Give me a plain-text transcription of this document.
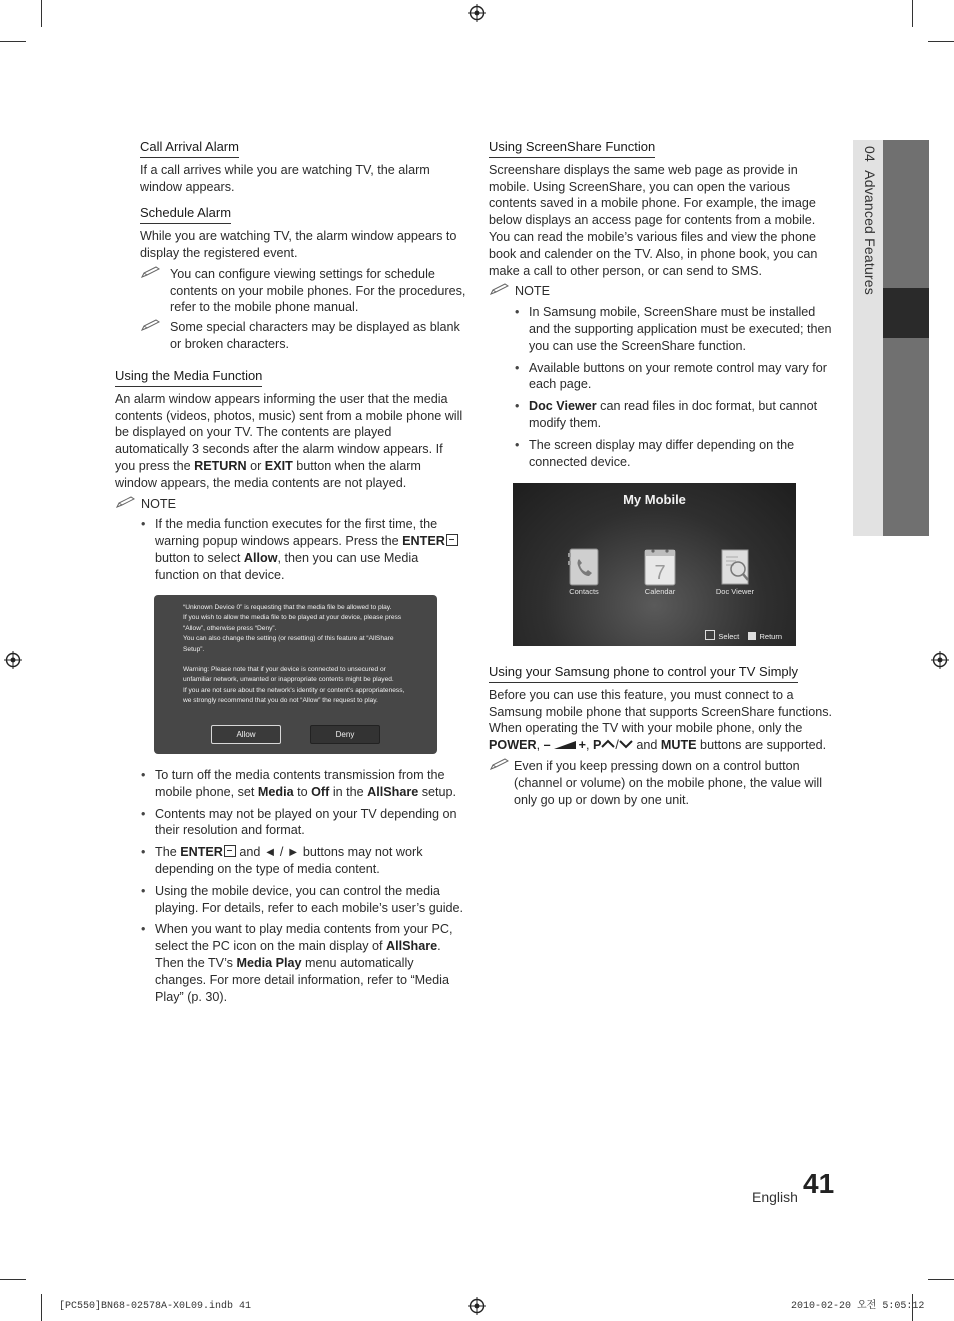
04  Advanced Features
Call Arrival Alarm

If a call arrives while you are watching TV, the alarm window appears.

Schedule Alarm

While you are watching TV, the alarm window appears to display the registered event.

You can configure viewing settings for schedule contents on your mobile phones. For the procedures, refer to the mobile phone manual.
Some special characters may be displayed as blank or broken characters.
Using the Media Function

An alarm window appears informing the user that the media contents (videos, photos, music) sent from a mobile phone will be displayed on your TV. The contents are played automatically 3 seconds after the alarm window appears. If you press the RETURN or EXIT button when the alarm window appears, the media contents are not played.

NOTE
• If the media function executes for the first time, the warning popup windows appears. Press the ENTER button to select Allow, then you can use Media function on that device.
“Unknown Device 0” is requesting that the media file be allowed to play.
If you wish to allow the media file to be played at your device, please press
“Allow”, otherwise press “Deny”.
You can also change the setting (or resetting) of this feature at “AllShare
Setup”.
Warning: Please note that if your device is connected to unsecured or
unfamiliar network, unwanted or inappropriate contents might be played.
If you are not sure about the network's identity or content's appropriateness,
we strongly recommend that you do not “Allow” the request to play.
Allow	Deny
• To turn off the media contents transmission from the mobile phone, set Media to Off in the AllShare setup.
• Contents may not be played on your TV depending on their resolution and format.
• The ENTER and ◄ / ► buttons may not work depending on the type of media content.
• Using the mobile device, you can control the media playing. For details, refer to each mobile’s user’s guide.
• When you want to play media contents from your PC, select the PC icon on the main display of AllShare. Then the TV’s Media Play menu automatically changes. For more detail information, refer to “Media Play” (p. 30).
Using ScreenShare Function

Screenshare displays the same web page as provide in mobile. Using ScreenShare, you can open the various contents saved in a mobile phone. For example, the image below displays an access page for contents from a mobile. You can read the mobile’s various files and view the phone book and calender on the TV. Also, in phone book, you can make a call to other person, or can send to SMS.

NOTE
• In Samsung mobile, ScreenShare must be installed and the supporting application must be executed; then you can use the ScreenShare function.
• Available buttons on your remote control may vary for each page.
• Doc Viewer can read files in doc format, but cannot modify them.
• The screen display may differ depending on the connected device.
My Mobile
Contacts
7
Calendar	Doc Viewer
Select	Return
Using your Samsung phone to control your TV Simply

Before you can use this feature, you must connect to a Samsung mobile phone that supports ScreenShare functions. When operating the TV with your mobile phone, only the POWER, – +, P / and MUTE buttons are supported.

Even if you keep pressing down on a control button (channel or volume) on the mobile phone, the value will only go up or down by one unit.
English 41
[PC550]BN68-02578A-X0L09.indb 41	2010-02-20 오전 5:05:12
